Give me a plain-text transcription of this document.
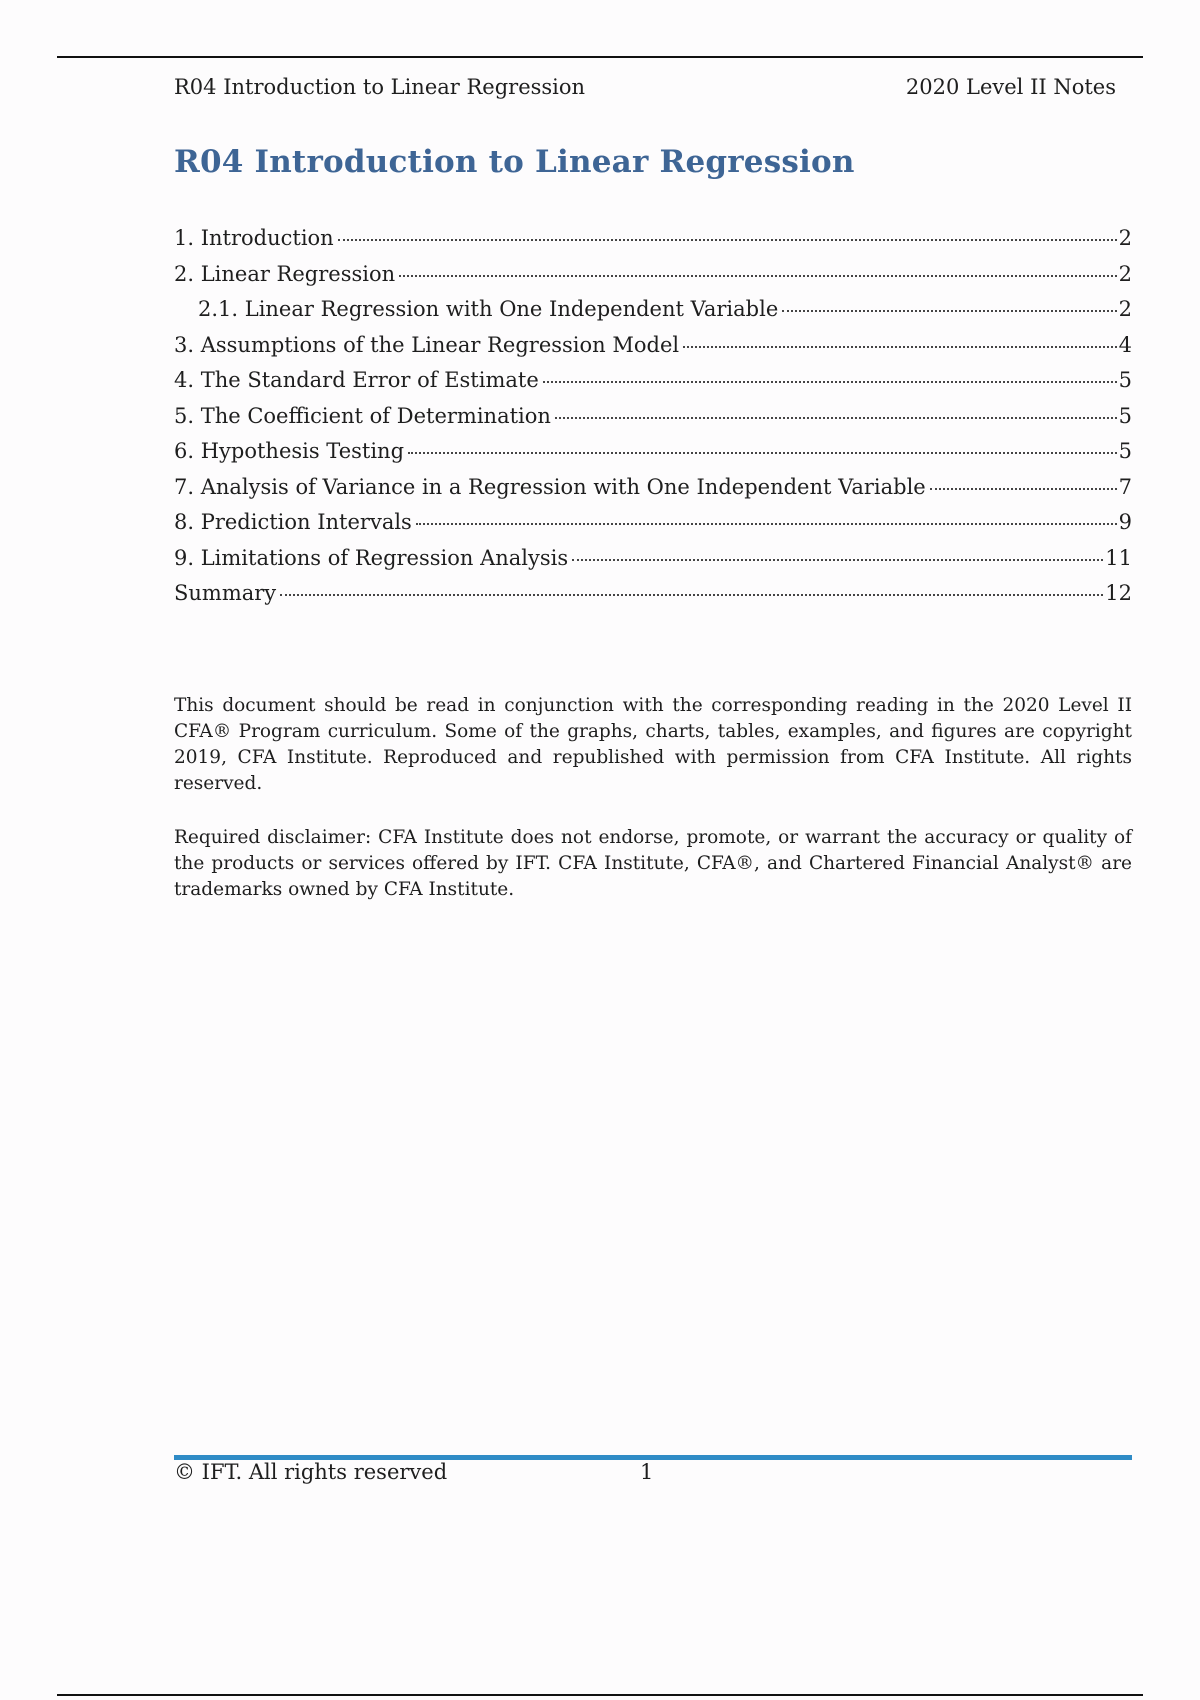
R04 Introduction to Linear Regression	2020 Level II Notes
R04 Introduction to Linear Regression
1. Introduction	2
2. Linear Regression	2
2.1. Linear Regression with One Independent Variable	2
3. Assumptions of the Linear Regression Model	4
4. The Standard Error of Estimate	5
5. The Coefficient of Determination	5
6. Hypothesis Testing	5
7. Analysis of Variance in a Regression with One Independent Variable	7
8. Prediction Intervals	9
9. Limitations of Regression Analysis	11
Summary	12

This document should be read in conjunction with the corresponding reading in the 2020 Level II CFA® Program curriculum. Some of the graphs, charts, tables, examples, and figures are copyright 2019, CFA Institute. Reproduced and republished with permission from CFA Institute. All rights reserved.

Required disclaimer: CFA Institute does not endorse, promote, or warrant the accuracy or quality of the products or services offered by IFT. CFA Institute, CFA®, and Chartered Financial Analyst® are trademarks owned by CFA Institute.

© IFT. All rights reserved	1
